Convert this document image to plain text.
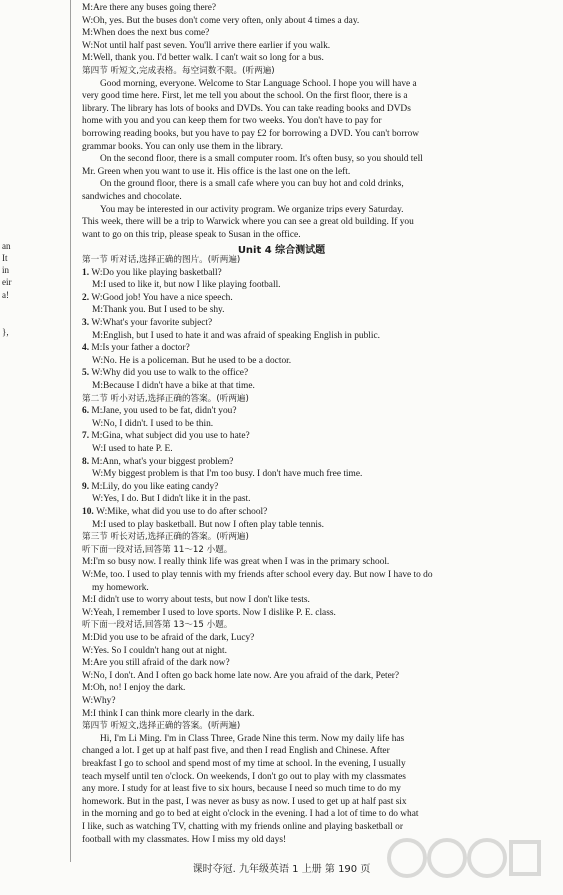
M:Are there any buses going there?
W:Oh, yes. But the buses don't come very often, only about 4 times a day.
M:When does the next bus come?
W:Not until half past seven. You'll arrive there earlier if you walk.
M:Well, thank you. I'd better walk. I can't wait so long for a bus.
第四节 听短文,完成表格。每空词数不限。(听两遍)
Good morning, everyone. Welcome to Star Language School. I hope you will have a
very good time here. First, let me tell you about the school. On the first floor, there is a
library. The library has lots of books and DVDs. You can take reading books and DVDs
home with you and you can keep them for two weeks. You don't have to pay for
borrowing reading books, but you have to pay £2 for borrowing a DVD. You can't borrow
grammar books. You can only use them in the library.
On the second floor, there is a small computer room. It's often busy, so you should tell
Mr. Green when you want to use it. His office is the last one on the left.
On the ground floor, there is a small cafe where you can buy hot and cold drinks,
sandwiches and chocolate.
You may be interested in our activity program. We organize trips every Saturday.
This week, there will be a trip to Warwick where you can see a great old building. If you
want to go on this trip, please speak to Susan in the office.
Unit 4 综合测试题
第一节 听对话,选择正确的图片。(听两遍)
1. W:Do you like playing basketball?
M:I used to like it, but now I like playing football.
2. W:Good job! You have a nice speech.
M:Thank you. But I used to be shy.
3. W:What's your favorite subject?
M:English, but I used to hate it and was afraid of speaking English in public.
4. M:Is your father a doctor?
W:No. He is a policeman. But he used to be a doctor.
5. W:Why did you use to walk to the office?
M:Because I didn't have a bike at that time.
第二节 听小对话,选择正确的答案。(听两遍)
6. M:Jane, you used to be fat, didn't you?
W:No, I didn't. I used to be thin.
7. M:Gina, what subject did you use to hate?
W:I used to hate P. E.
8. M:Ann, what's your biggest problem?
W:My biggest problem is that I'm too busy. I don't have much free time.
9. M:Lily, do you like eating candy?
W:Yes, I do. But I didn't like it in the past.
10. W:Mike, what did you use to do after school?
M:I used to play basketball. But now I often play table tennis.
第三节 听长对话,选择正确的答案。(听两遍)
听下面一段对话,回答第 11～12 小题。
M:I'm so busy now. I really think life was great when I was in the primary school.
W:Me, too. I used to play tennis with my friends after school every day. But now I have to do
my homework.
M:I didn't use to worry about tests, but now I don't like tests.
W:Yeah, I remember I used to love sports. Now I dislike P. E. class.
听下面一段对话,回答第 13～15 小题。
M:Did you use to be afraid of the dark, Lucy?
W:Yes. So I couldn't hang out at night.
M:Are you still afraid of the dark now?
W:No, I don't. And I often go back home late now. Are you afraid of the dark, Peter?
M:Oh, no! I enjoy the dark.
W:Why?
M:I think I can think more clearly in the dark.
第四节 听短文,选择正确的答案。(听两遍)
Hi, I'm Li Ming. I'm in Class Three, Grade Nine this term. Now my daily life has
changed a lot. I get up at half past five, and then I read English and Chinese. After
breakfast I go to school and spend most of my time at school. In the evening, I usually
teach myself until ten o'clock. On weekends, I don't go out to play with my classmates
any more. I study for at least five to six hours, because I need so much time to do my
homework. But in the past, I was never as busy as now. I used to get up at half past six
in the morning and go to bed at eight o'clock in the evening. I had a lot of time to do what
I like, such as watching TV, chatting with my friends online and playing basketball or
football with my classmates. How I miss my old days!
an
It
in
eir
a!
},
课时夺冠. 九年级英语 1 上册 第 190 页
